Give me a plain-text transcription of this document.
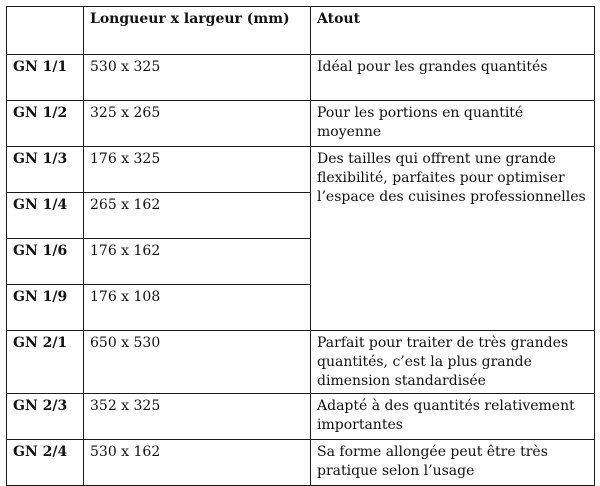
	Longueur x largeur (mm)	Atout
GN 1/1	530 x 325	Idéal pour les grandes quantités
GN 1/2	325 x 265	Pour les portions en quantité moyenne
GN 1/3	176 x 325	Des tailles qui offrent une grande flexibilité, parfaites pour optimiser l’espace des cuisines professionnelles

GN 1/4	265 x 162	
GN 1/6	176 x 162	
GN 1/9	176 x 108	
GN 2/1	650 x 530	Parfait pour traiter de très grandes quantités, c’est la plus grande dimension standardisée
GN 2/3	352 x 325	Adapté à des quantités relativement importantes
GN 2/4	530 x 162	Sa forme allongée peut être très pratique selon l’usage
